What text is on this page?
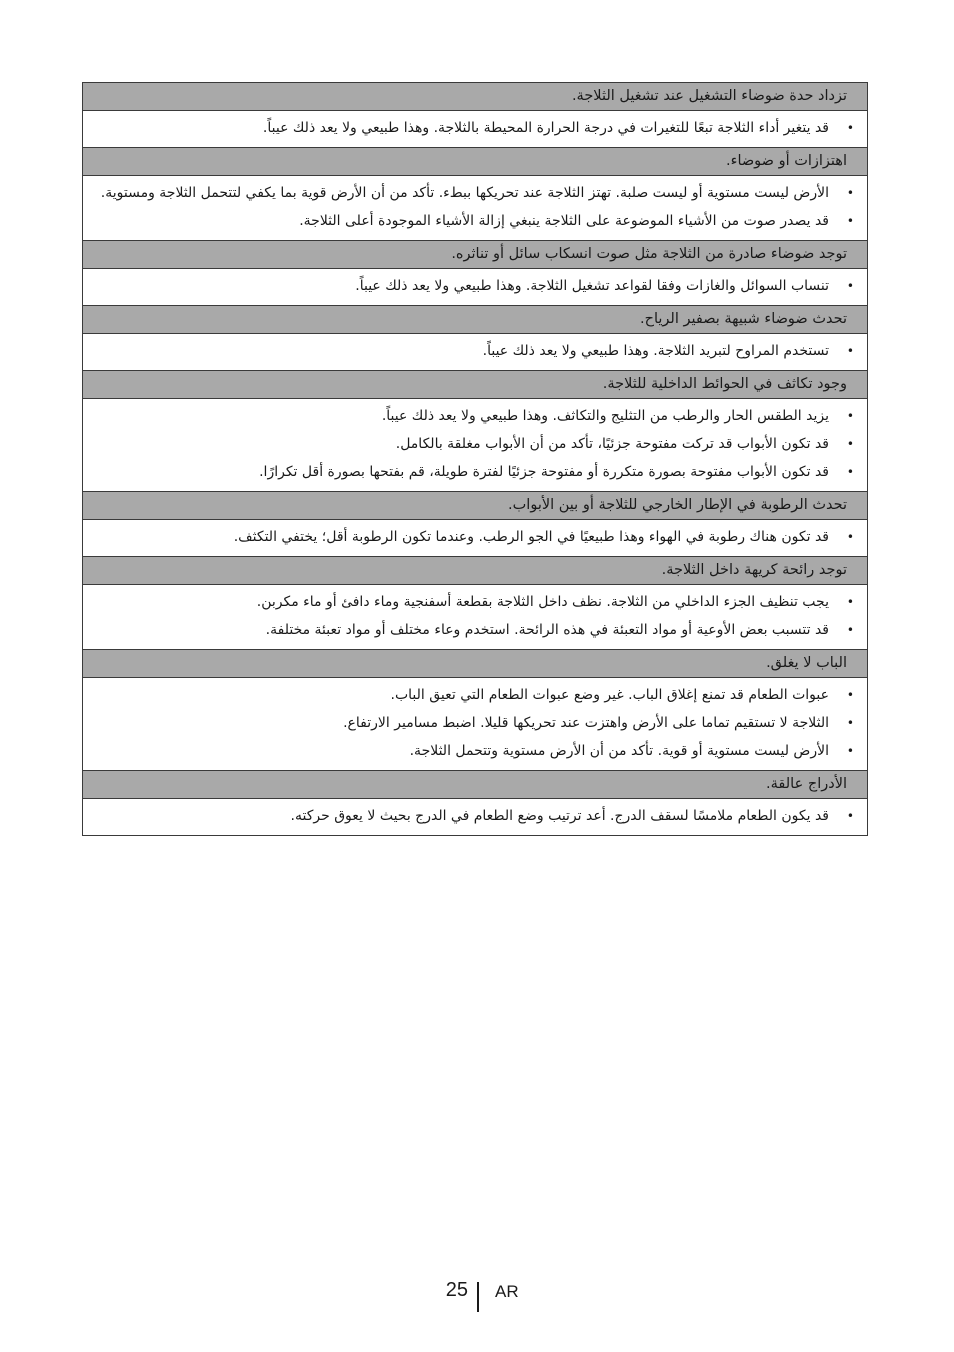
تزداد حدة ضوضاء التشغيل عند تشغيل الثلاجة.
•
قد يتغير أداء الثلاجة تبعًا للتغيرات في درجة الحرارة المحيطة بالثلاجة. وهذا طبيعي ولا يعد ذلك عيباً.
اهتزازات أو ضوضاء.
•
الأرض ليست مستوية أو ليست صلبة. تهتز الثلاجة عند تحريكها ببطء. تأكد من أن الأرض قوية بما يكفي لتتحمل الثلاجة ومستوية.
•
قد يصدر صوت من الأشياء الموضوعة على الثلاجة ينبغي إزالة الأشياء الموجودة أعلى الثلاجة.
توجد ضوضاء صادرة من الثلاجة مثل صوت انسكاب سائل أو تناثره.
•
تنساب السوائل والغازات وفقا لقواعد تشغيل الثلاجة. وهذا طبيعي ولا يعد ذلك عيباً.
تحدث ضوضاء شبيهة بصفير الرياح.
•
تستخدم المراوح لتبريد الثلاجة. وهذا طبيعي ولا يعد ذلك عيباً.
وجود تكاثف في الحوائط الداخلية للثلاجة.
•
يزيد الطقس الحار والرطب من التثليج والتكاثف. وهذا طبيعي ولا يعد ذلك عيباً.
•
قد تكون الأبواب قد تركت مفتوحة جزئيًا، تأكد من أن الأبواب مغلقة بالكامل.
•
قد تكون الأبواب مفتوحة بصورة متكررة أو مفتوحة جزئيًا لفترة طويلة، قم بفتحها بصورة أقل تكرارًا.
تحدث الرطوبة في الإطار الخارجي للثلاجة أو بين الأبواب.
•
قد تكون هناك رطوبة في الهواء وهذا طبيعيًا في الجو الرطب. وعندما تكون الرطوبة أقل؛ يختفي التكثف.
توجد رائحة كريهة داخل الثلاجة.
•
يجب تنظيف الجزء الداخلي من الثلاجة. نظف داخل الثلاجة بقطعة أسفنجية وماء دافئ أو ماء مكربن.
•
قد تتسبب بعض الأوعية أو مواد التعبئة في هذه الرائحة. استخدم وعاء مختلف أو مواد تعبئة مختلفة.
الباب لا يغلق.
•
عبوات الطعام قد تمنع إغلاق الباب. غير وضع عبوات الطعام التي تعيق الباب.
•
الثلاجة لا تستقيم تماما على الأرض واهتزت عند تحريكها قليلا. اضبط مسامير الارتفاع.
•
الأرض ليست مستوية أو قوية. تأكد من أن الأرض مستوية وتتحمل الثلاجة.
الأدراج عالقة.
•
قد يكون الطعام ملامسًا لسقف الدرج. أعد ترتيب وضع الطعام في الدرج بحيث لا يعوق حركته.
25 AR
